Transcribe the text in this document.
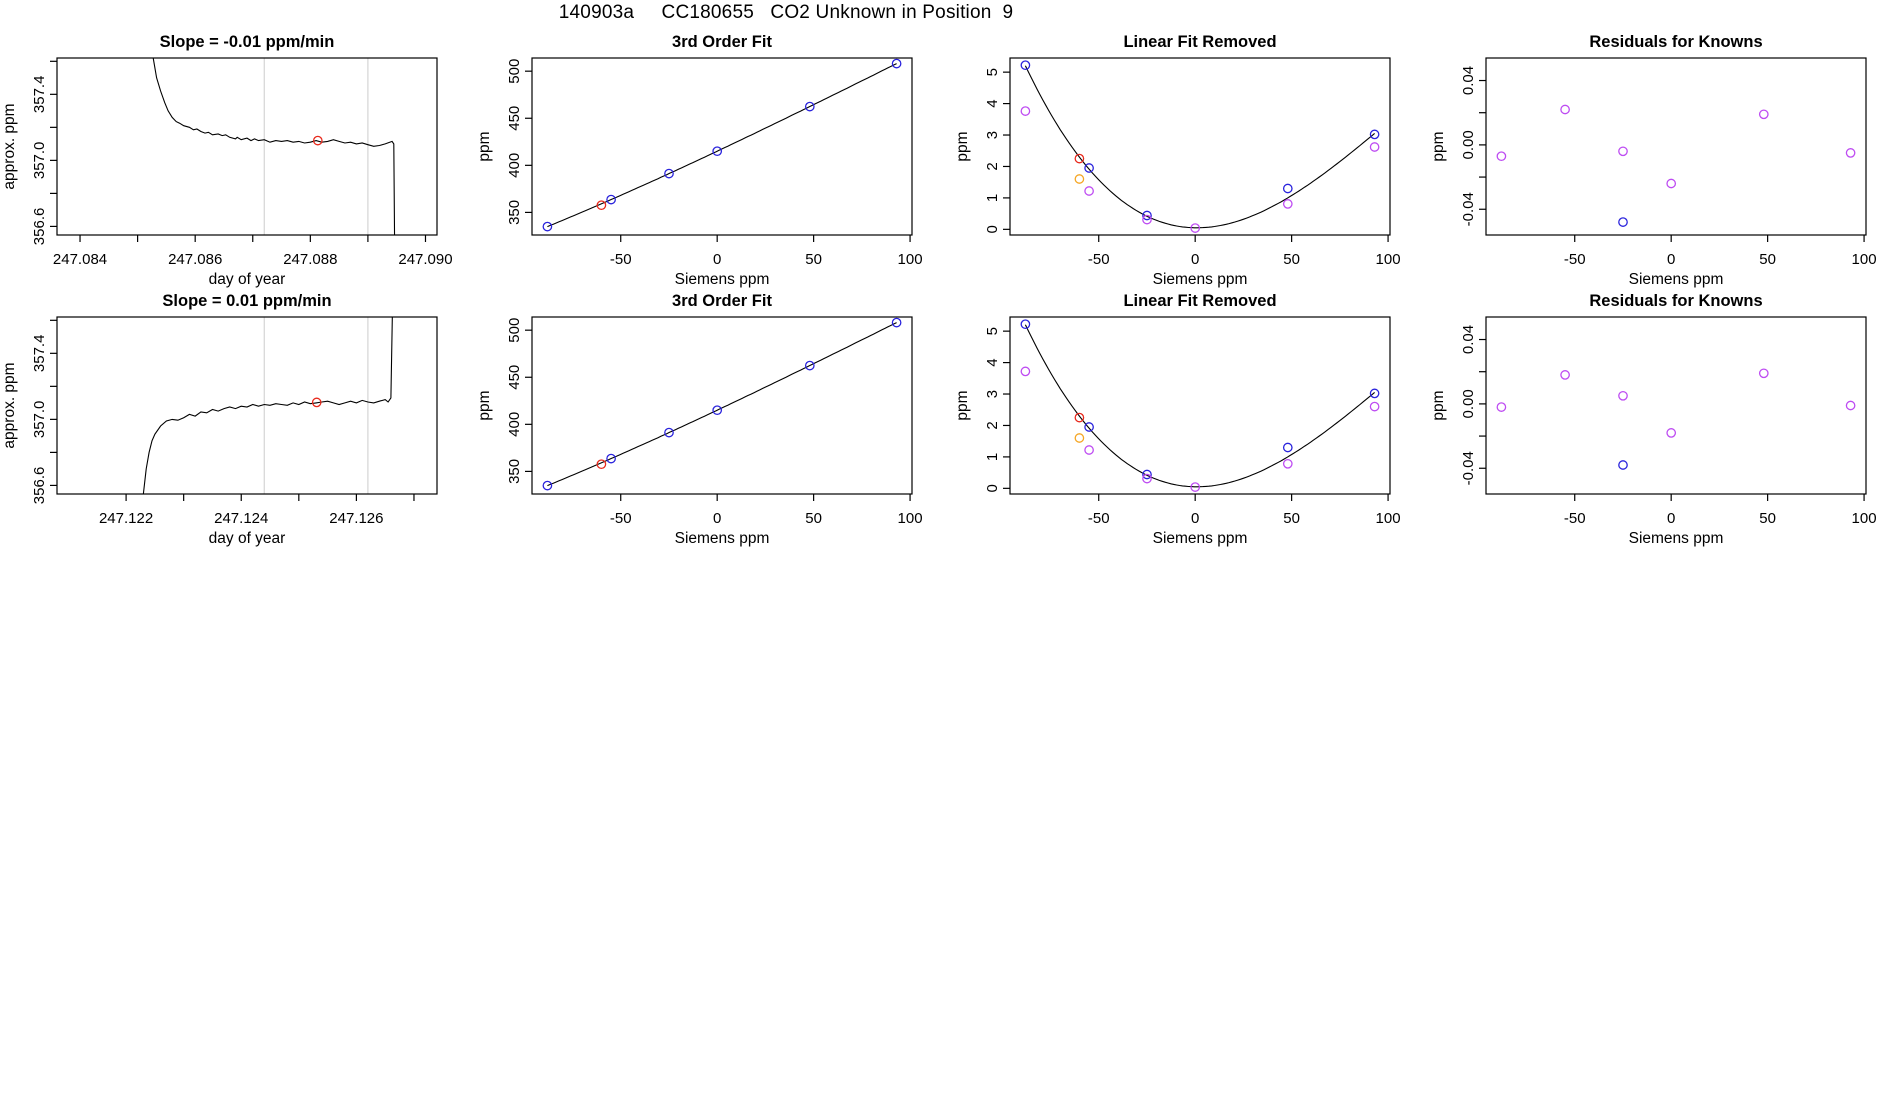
140903a     CC180655   CO2 Unknown in Position  9
247.084	247.086	247.088	247.090
356.6
357.0
357.4
Slope = -0.01 ppm/min
day of year
approx. ppm
-50	0	50	100
350
400
450
500
3rd Order Fit
Siemens ppm
ppm
-50	0	50	100
0
1
2
3
4
5
Linear Fit Removed
Siemens ppm
ppm
-50	0	50	100
-0.04
0.00
0.04
Residuals for Knowns
Siemens ppm
ppm
247.122	247.124	247.126
356.6
357.0
357.4
Slope = 0.01 ppm/min
day of year
approx. ppm
-50	0	50	100
350
400
450
500
3rd Order Fit
Siemens ppm
ppm
-50	0	50	100
0
1
2
3
4
5
Linear Fit Removed
Siemens ppm
ppm
-50	0	50	100
-0.04
0.00
0.04
Residuals for Knowns
Siemens ppm
ppm
